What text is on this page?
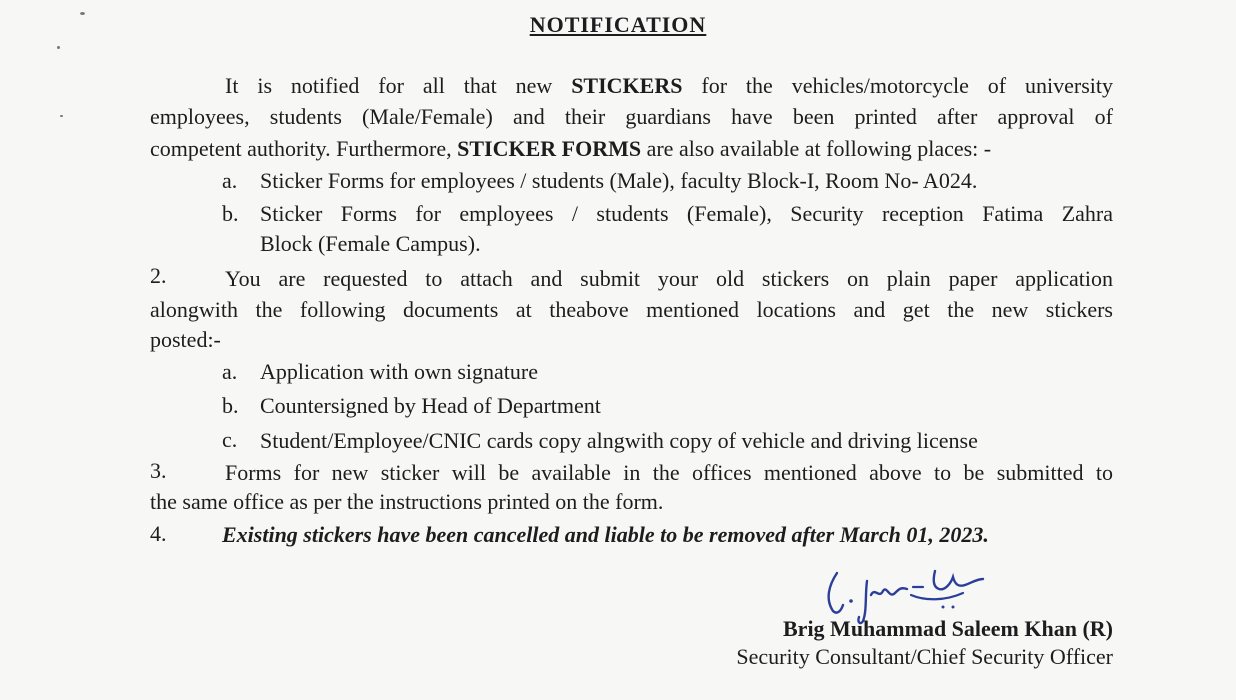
NOTIFICATION
It is notified for all that new STICKERS for the vehicles/motorcycle of university
employees, students (Male/Female) and their guardians have been printed after approval of
competent authority. Furthermore, STICKER FORMS are also available at following places: -
a. Sticker Forms for employees / students (Male), faculty Block-I, Room No- A024.
b. Sticker Forms for employees / students (Female), Security reception Fatima Zahra
Block (Female Campus).
2.	You are requested to attach and submit your old stickers on plain paper application
alongwith the following documents at theabove mentioned locations and get the new stickers
posted:-
a. Application with own signature
b. Countersigned by Head of Department
c. Student/Employee/CNIC cards copy alngwith copy of vehicle and driving license
3.	Forms for new sticker will be available in the offices mentioned above to be submitted to
the same office as per the instructions printed on the form.
4.	Existing stickers have been cancelled and liable to be removed after March 01, 2023.
Brig Muhammad Saleem Khan (R)
Security Consultant/Chief Security Officer
